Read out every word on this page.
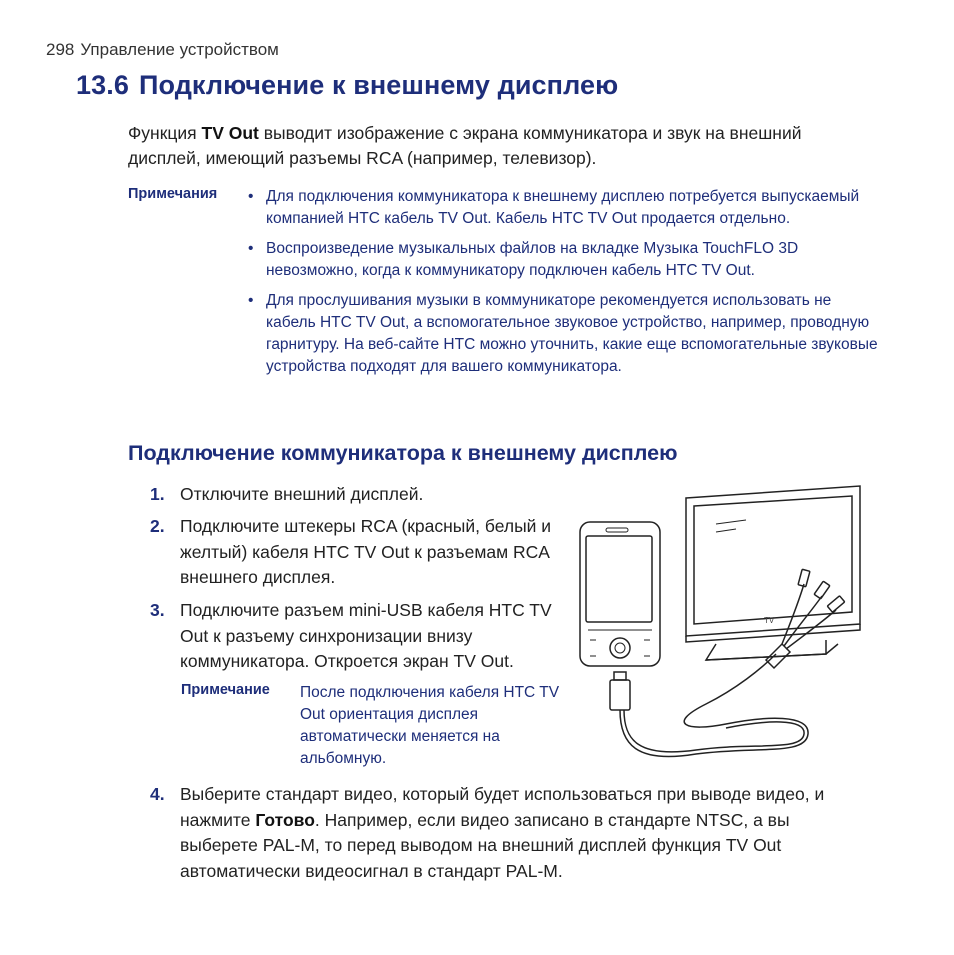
298 Управление устройством
13.6 Подключение к внешнему дисплею
Функция TV Out выводит изображение с экрана коммуникатора и звук на внешний дисплей, имеющий разъемы RCA (например, телевизор).
Примечания • Для подключения коммуникатора к внешнему дисплею потребуется выпускаемый компанией HTC кабель TV Out. Кабель HTC TV Out продается отдельно.
• Воспроизведение музыкальных файлов на вкладке Музыка TouchFLO 3D невозможно, когда к коммуникатору подключен кабель HTC TV Out.
• Для прослушивания музыки в коммуникаторе рекомендуется использовать не кабель HTC TV Out, а вспомогательное звуковое устройство, например, проводную гарнитуру. На веб-сайте HTC можно уточнить, какие еще вспомогательные звуковые устройства подходят для вашего коммуникатора.
Подключение коммуникатора к внешнему дисплею
1. Отключите внешний дисплей.
2. Подключите штекеры RCA (красный, белый и желтый) кабеля HTC TV Out к разъемам RCA внешнего дисплея.
3. Подключите разъем mini-USB кабеля HTC TV Out к разъему синхронизации внизу коммуникатора. Откроется экран TV Out.
Примечание После подключения кабеля HTC TV Out ориентация дисплея автоматически меняется на альбомную.
4. Выберите стандарт видео, который будет использоваться при выводе видео, и нажмите Готово. Например, если видео записано в стандарте NTSC, а вы выберете PAL-M, то перед выводом на внешний дисплей функция TV Out автоматически видеосигнал в стандарт PAL-M.
TV
